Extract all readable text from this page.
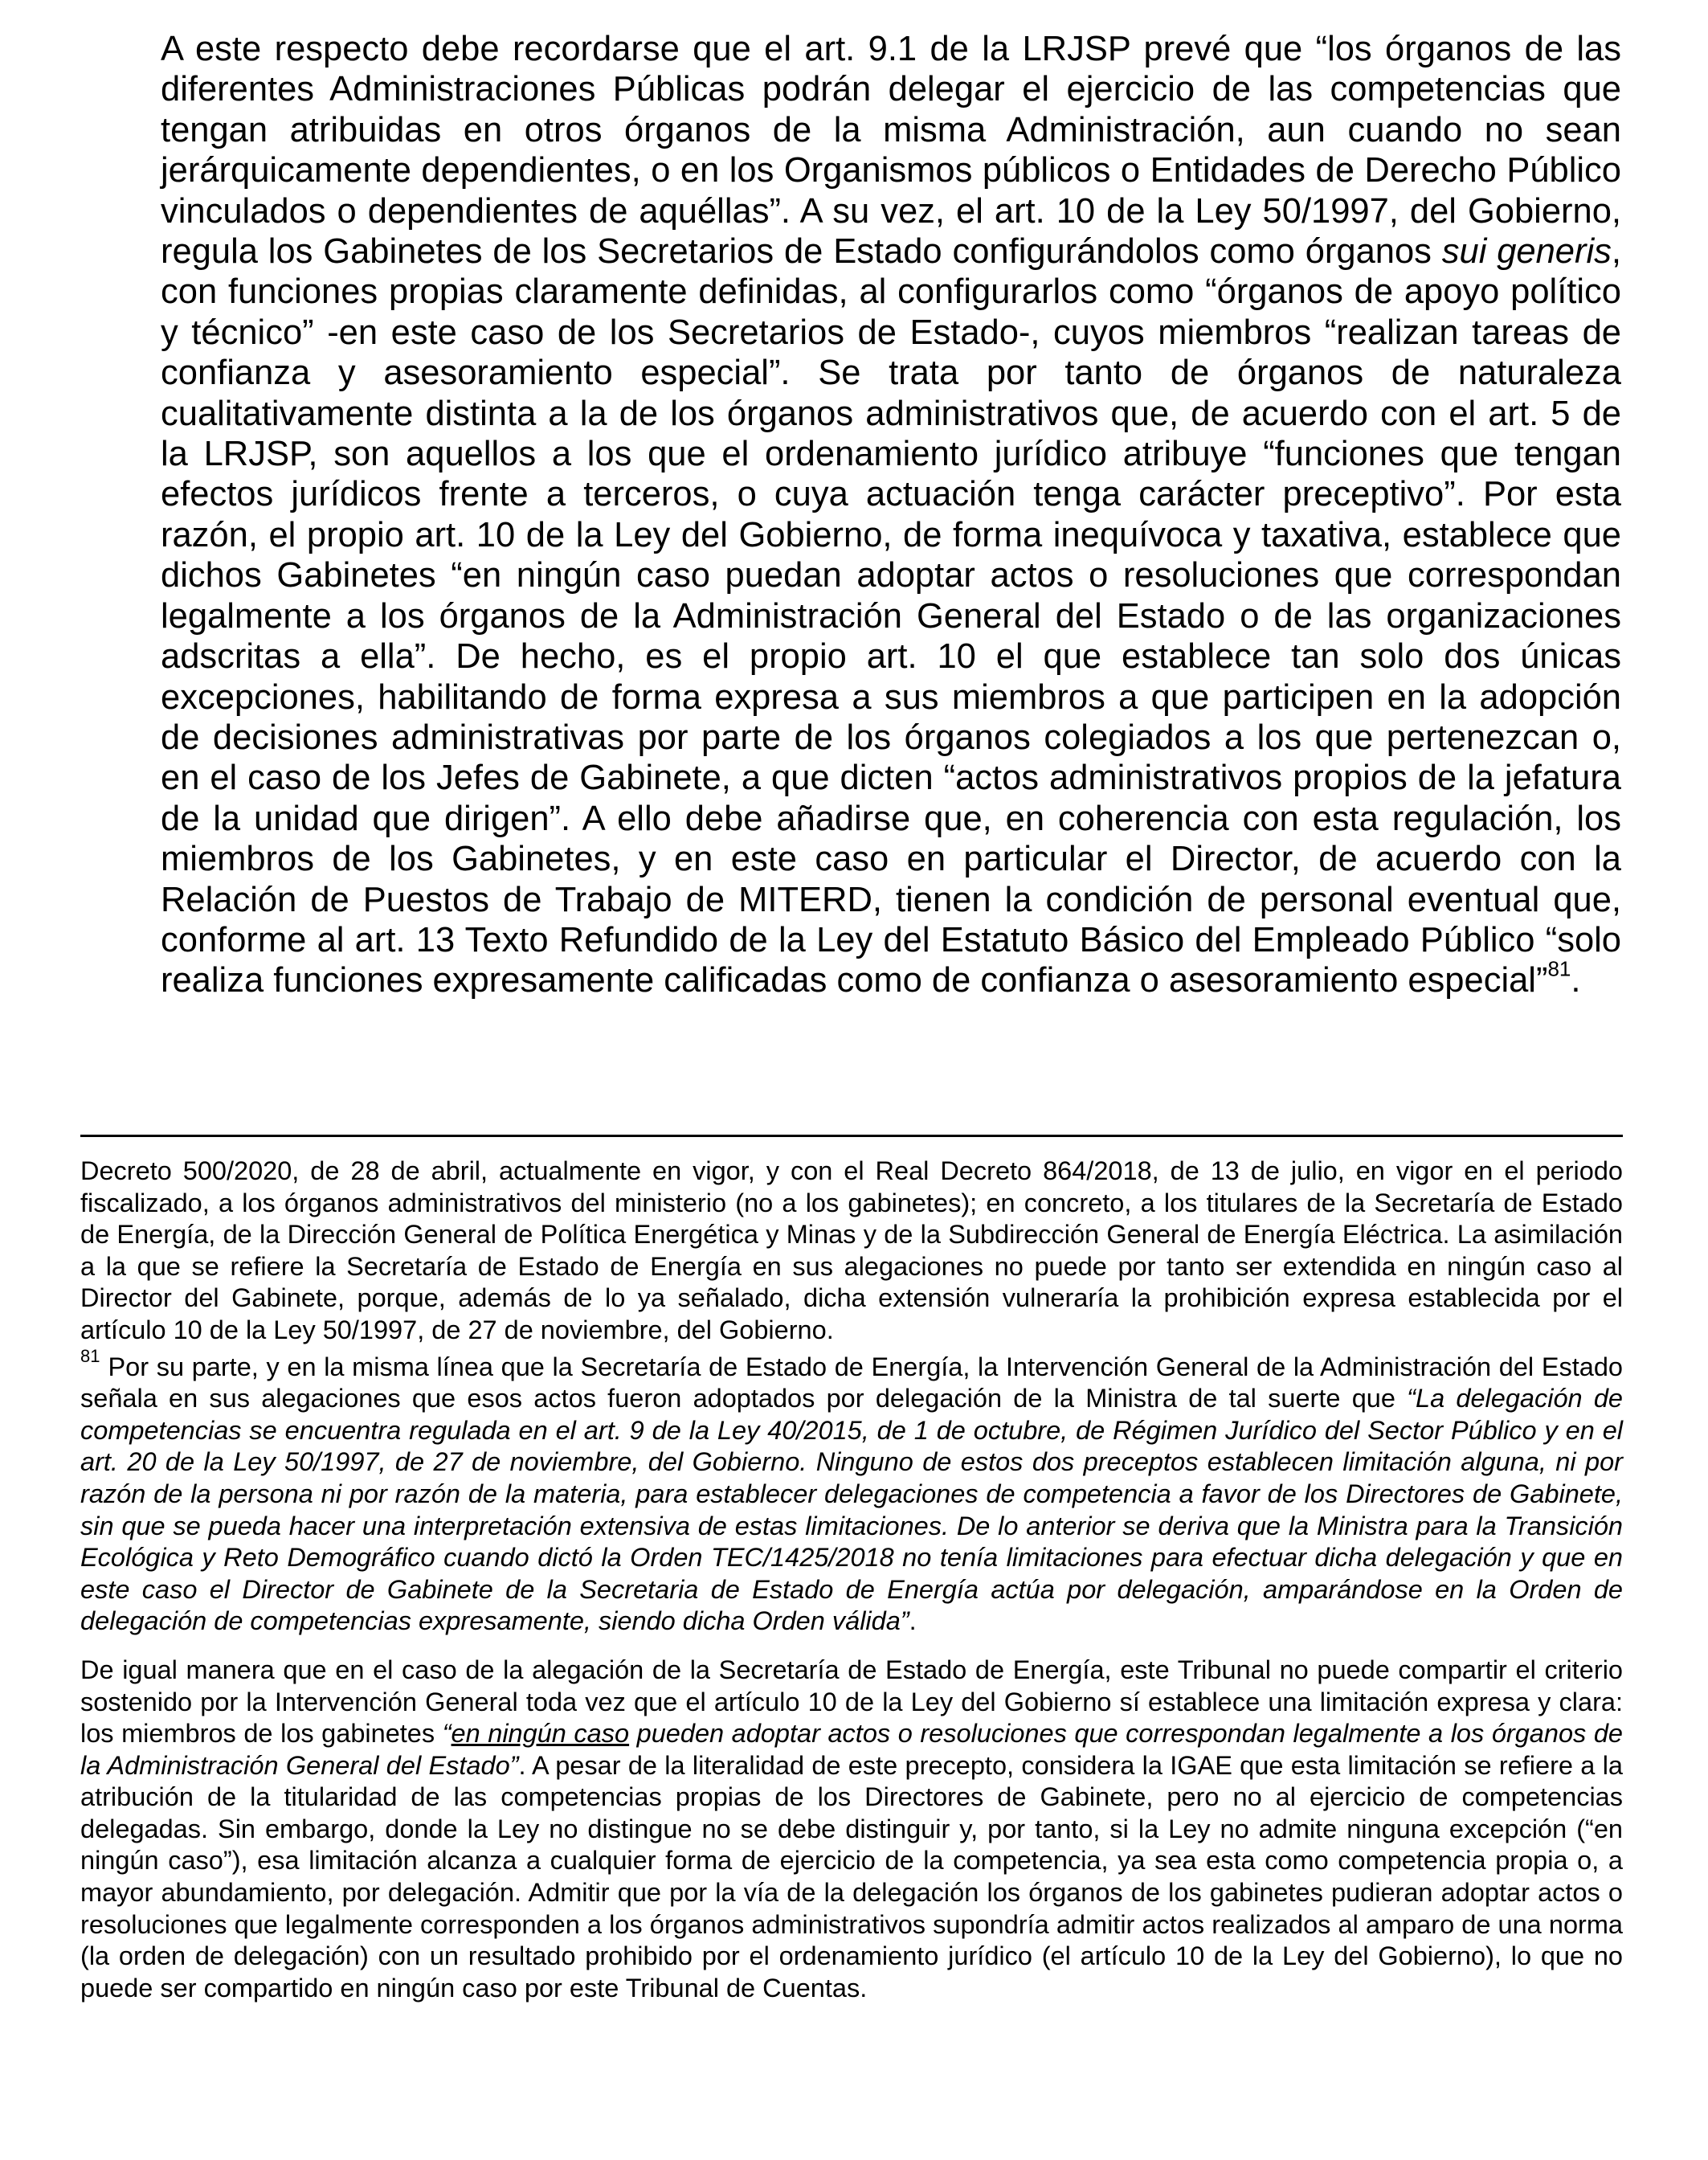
A este respecto debe recordarse que el art. 9.1 de la LRJSP prevé que “los órganos de las diferentes Administraciones Públicas podrán delegar el ejercicio de las competencias que tengan atribuidas en otros órganos de la misma Administración, aun cuando no sean jerárquicamente dependientes, o en los Organismos públicos o Entidades de Derecho Público vinculados o dependientes de aquéllas”. A su vez, el art. 10 de la Ley 50/1997, del Gobierno, regula los Gabinetes de los Secretarios de Estado configurándolos como órganos sui generis, con funciones propias claramente definidas, al configurarlos como “órganos de apoyo político y técnico” -en este caso de los Secretarios de Estado-, cuyos miembros “realizan tareas de confianza y asesoramiento especial”. Se trata por tanto de órganos de naturaleza cualitativamente distinta a la de los órganos administrativos que, de acuerdo con el art. 5 de la LRJSP, son aquellos a los que el ordenamiento jurídico atribuye “funciones que tengan efectos jurídicos frente a terceros, o cuya actuación tenga carácter preceptivo”. Por esta razón, el propio art. 10 de la Ley del Gobierno, de forma inequívoca y taxativa, establece que dichos Gabinetes “en ningún caso puedan adoptar actos o resoluciones que correspondan legalmente a los órganos de la Administración General del Estado o de las organizaciones adscritas a ella”. De hecho, es el propio art. 10 el que establece tan solo dos únicas excepciones, habilitando de forma expresa a sus miembros a que participen en la adopción de decisiones administrativas por parte de los órganos colegiados a los que pertenezcan o, en el caso de los Jefes de Gabinete, a que dicten “actos administrativos propios de la jefatura de la unidad que dirigen”. A ello debe añadirse que, en coherencia con esta regulación, los miembros de los Gabinetes, y en este caso en particular el Director, de acuerdo con la Relación de Puestos de Trabajo de MITERD, tienen la condición de personal eventual que, conforme al art. 13 Texto Refundido de la Ley del Estatuto Básico del Empleado Público “solo realiza funciones expresamente calificadas como de confianza o asesoramiento especial”$^{81}$.

Decreto 500/2020, de 28 de abril, actualmente en vigor, y con el Real Decreto 864/2018, de 13 de julio, en vigor en el periodo fiscalizado, a los órganos administrativos del ministerio (no a los gabinetes); en concreto, a los titulares de la Secretaría de Estado de Energía, de la Dirección General de Política Energética y Minas y de la Subdirección General de Energía Eléctrica. La asimilación a la que se refiere la Secretaría de Estado de Energía en sus alegaciones no puede por tanto ser extendida en ningún caso al Director del Gabinete, porque, además de lo ya señalado, dicha extensión vulneraría la prohibición expresa establecida por el artículo 10 de la Ley 50/1997, de 27 de noviembre, del Gobierno.

$^{81}$ Por su parte, y en la misma línea que la Secretaría de Estado de Energía, la Intervención General de la Administración del Estado señala en sus alegaciones que esos actos fueron adoptados por delegación de la Ministra de tal suerte que “La delegación de competencias se encuentra regulada en el art. 9 de la Ley 40/2015, de 1 de octubre, de Régimen Jurídico del Sector Público y en el art. 20 de la Ley 50/1997, de 27 de noviembre, del Gobierno. Ninguno de estos dos preceptos establecen limitación alguna, ni por razón de la persona ni por razón de la materia, para establecer delegaciones de competencia a favor de los Directores de Gabinete, sin que se pueda hacer una interpretación extensiva de estas limitaciones. De lo anterior se deriva que la Ministra para la Transición Ecológica y Reto Demográfico cuando dictó la Orden TEC/1425/2018 no tenía limitaciones para efectuar dicha delegación y que en este caso el Director de Gabinete de la Secretaria de Estado de Energía actúa por delegación, amparándose en la Orden de delegación de competencias expresamente, siendo dicha Orden válida”.

De igual manera que en el caso de la alegación de la Secretaría de Estado de Energía, este Tribunal no puede compartir el criterio sostenido por la Intervención General toda vez que el artículo 10 de la Ley del Gobierno sí establece una limitación expresa y clara: los miembros de los gabinetes “en ningún caso pueden adoptar actos o resoluciones que correspondan legalmente a los órganos de la Administración General del Estado”. A pesar de la literalidad de este precepto, considera la IGAE que esta limitación se refiere a la atribución de la titularidad de las competencias propias de los Directores de Gabinete, pero no al ejercicio de competencias delegadas. Sin embargo, donde la Ley no distingue no se debe distinguir y, por tanto, si la Ley no admite ninguna excepción (“en ningún caso”), esa limitación alcanza a cualquier forma de ejercicio de la competencia, ya sea esta como competencia propia o, a mayor abundamiento, por delegación. Admitir que por la vía de la delegación los órganos de los gabinetes pudieran adoptar actos o resoluciones que legalmente corresponden a los órganos administrativos supondría admitir actos realizados al amparo de una norma (la orden de delegación) con un resultado prohibido por el ordenamiento jurídico (el artículo 10 de la Ley del Gobierno), lo que no puede ser compartido en ningún caso por este Tribunal de Cuentas.
